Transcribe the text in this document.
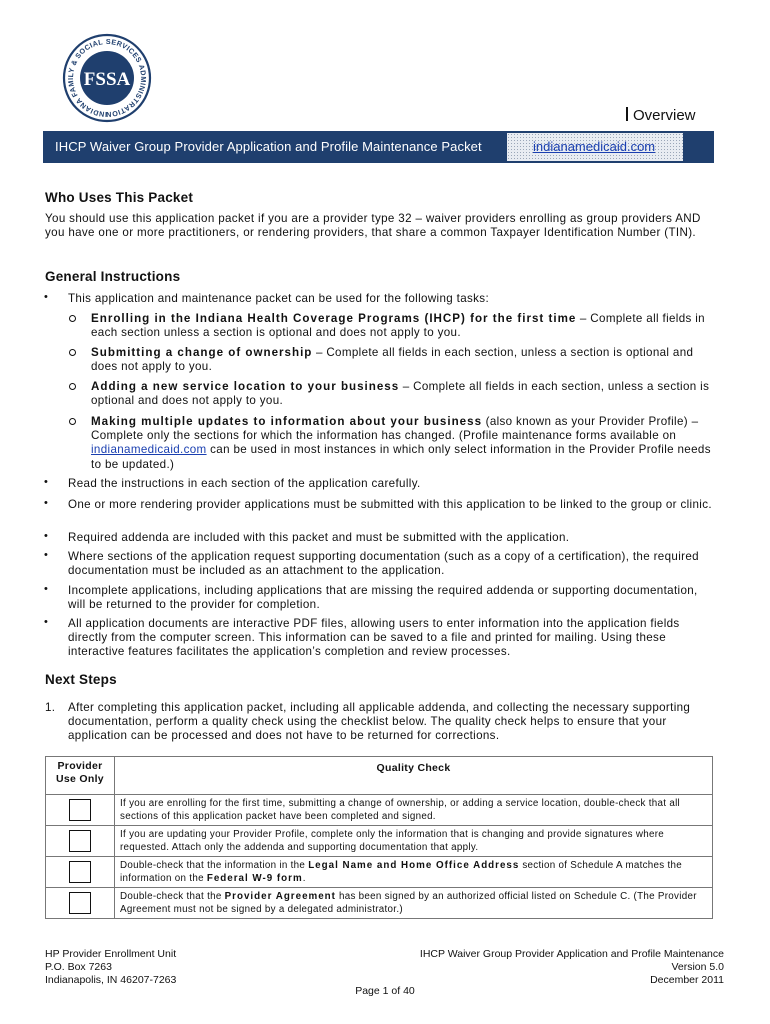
INDIANA FAMILY & SOCIAL SERVICES ADMINISTRATION
FSSA
Overview
IHCP Waiver Group Provider Application and Profile Maintenance Packet	indianamedicaid.com
Who Uses This Packet
You should use this application packet if you are a provider type 32 – waiver providers enrolling as group providers AND you have one or more practitioners, or rendering providers, that share a common Taxpayer Identification Number (TIN).
General Instructions
• This application and maintenance packet can be used for the following tasks:
Enrolling in the Indiana Health Coverage Programs (IHCP) for the first time – Complete all fields in each section unless a section is optional and does not apply to you.
Submitting a change of ownership – Complete all fields in each section, unless a section is optional and does not apply to you.
Adding a new service location to your business – Complete all fields in each section, unless a section is optional and does not apply to you.
Making multiple updates to information about your business (also known as your Provider Profile) – Complete only the sections for which the information has changed. (Profile maintenance forms available on indianamedicaid.com can be used in most instances in which only select information in the Provider Profile needs to be updated.)
• Read the instructions in each section of the application carefully.
• One or more rendering provider applications must be submitted with this application to be linked to the group or clinic.
• Required addenda are included with this packet and must be submitted with the application.
• Where sections of the application request supporting documentation (such as a copy of a certification), the required documentation must be included as an attachment to the application.
• Incomplete applications, including applications that are missing the required addenda or supporting documentation, will be returned to the provider for completion.
• All application documents are interactive PDF files, allowing users to enter information into the application fields directly from the computer screen. This information can be saved to a file and printed for mailing. Using these interactive features facilitates the application’s completion and review processes.
Next Steps
1. After completing this application packet, including all applicable addenda, and collecting the necessary supporting documentation, perform a quality check using the checklist below. The quality check helps to ensure that your application can be processed and does not have to be returned for corrections.
Provider Use Only	Quality Check
	If you are enrolling for the first time, submitting a change of ownership, or adding a service location, double-check that all sections of this application packet have been completed and signed.
	If you are updating your Provider Profile, complete only the information that is changing and provide signatures where requested. Attach only the addenda and supporting documentation that apply.
	Double-check that the information in the Legal Name and Home Office Address section of Schedule A matches the information on the Federal W-9 form.
	Double-check that the Provider Agreement has been signed by an authorized official listed on Schedule C. (The Provider Agreement must not be signed by a delegated administrator.)
HP Provider Enrollment Unit
P.O. Box 7263
Indianapolis, IN 46207-7263
IHCP Waiver Group Provider Application and Profile Maintenance
Version 5.0
December 2011
Page 1 of 40
